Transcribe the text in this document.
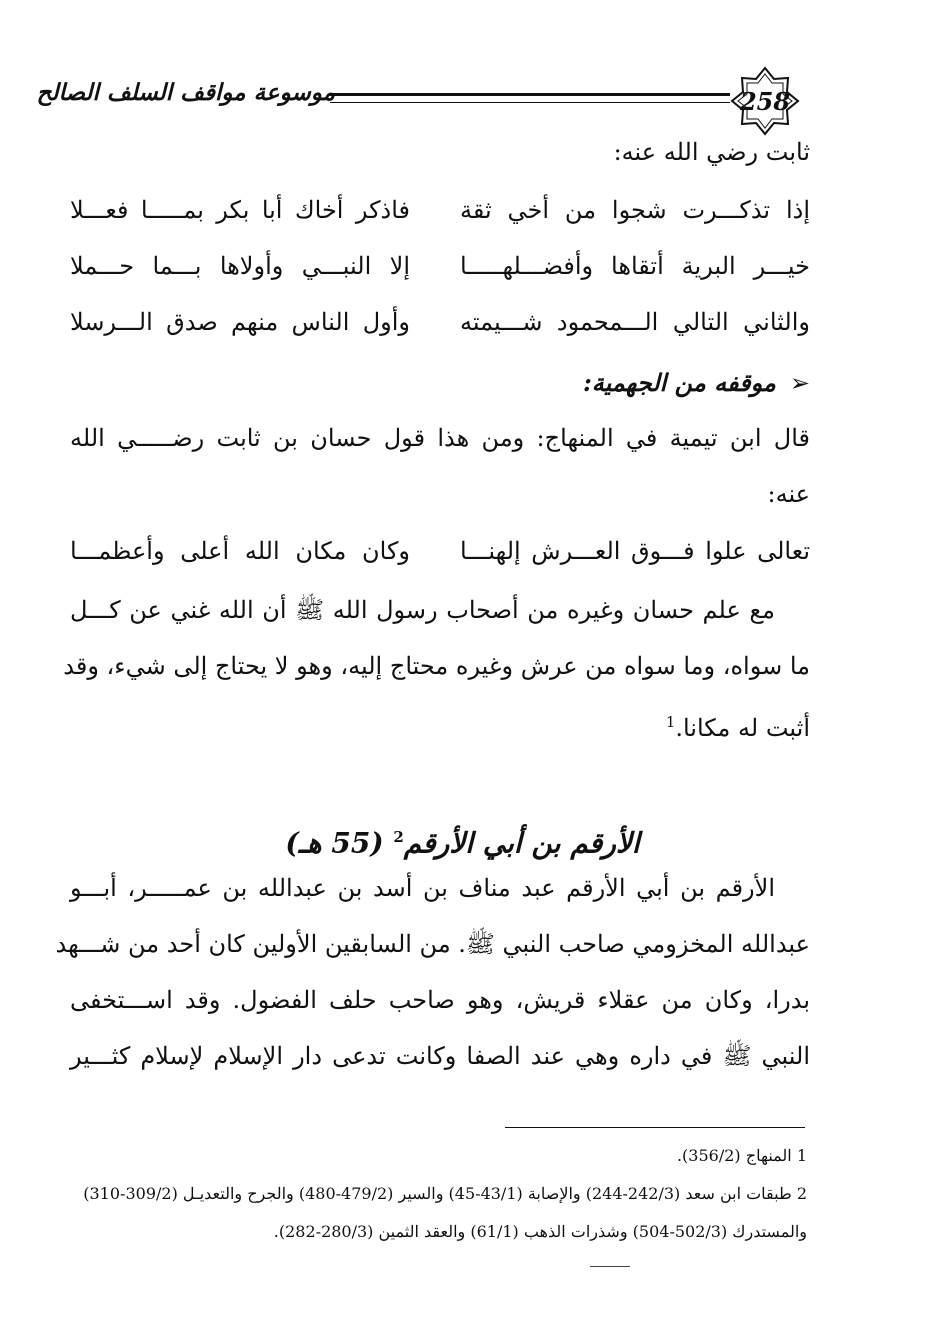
258
موسوعة مواقف السلف الصالح
ثابت رضي الله عنه:
إذا تذكـــرت شجوا من أخي ثقة
فاذكر أخاك أبا بكر بمـــــا فعـــلا
خيـــر البرية أتقاها وأفضـــلهـــــا
إلا النبـــي وأولاها بـــما حـــملا
والثاني التالي الـــمحمود شـــيمته
وأول الناس منهم صدق الـــرسلا
➢موقفه من الجهمية:
قال ابن تيمية في المنهاج: ومن هذا قول حسان بن ثابت رضـــــي الله
عنه:
تعالى علوا فـــوق العـــرش إلهنـــا
وكان مكان الله أعلى وأعظمـــا
مع علم حسان وغيره من أصحاب رسول الله ﷺ أن الله غني عن كـــل
ما سواه، وما سواه من عرش وغيره محتاج إليه، وهو لا يحتاج إلى شيء، وقد
أثبت له مكانا.$^1$
الأرقم بن أبي الأرقم$^2$ (55 هـ)
الأرقم بن أبي الأرقم عبد مناف بن أسد بن عبدالله بن عمـــــر، أبـــو
عبدالله المخزومي صاحب النبي ﷺ. من السابقين الأولين كان أحد من شـــهد
بدرا، وكان من عقلاء قريش، وهو صاحب حلف الفضول. وقد اســـتخفى
النبي ﷺ في داره وهي عند الصفا وكانت تدعى دار الإسلام لإسلام كثـــير
1 المنهاج (356/2).
2 طبقات ابن سعد (242/3-244) والإصابة (43/1-45) والسير (479/2-480) والجرح والتعديـل (309/2-310)
والمستدرك (502/3-504) وشذرات الذهب (61/1) والعقد الثمين (280/3-282).
